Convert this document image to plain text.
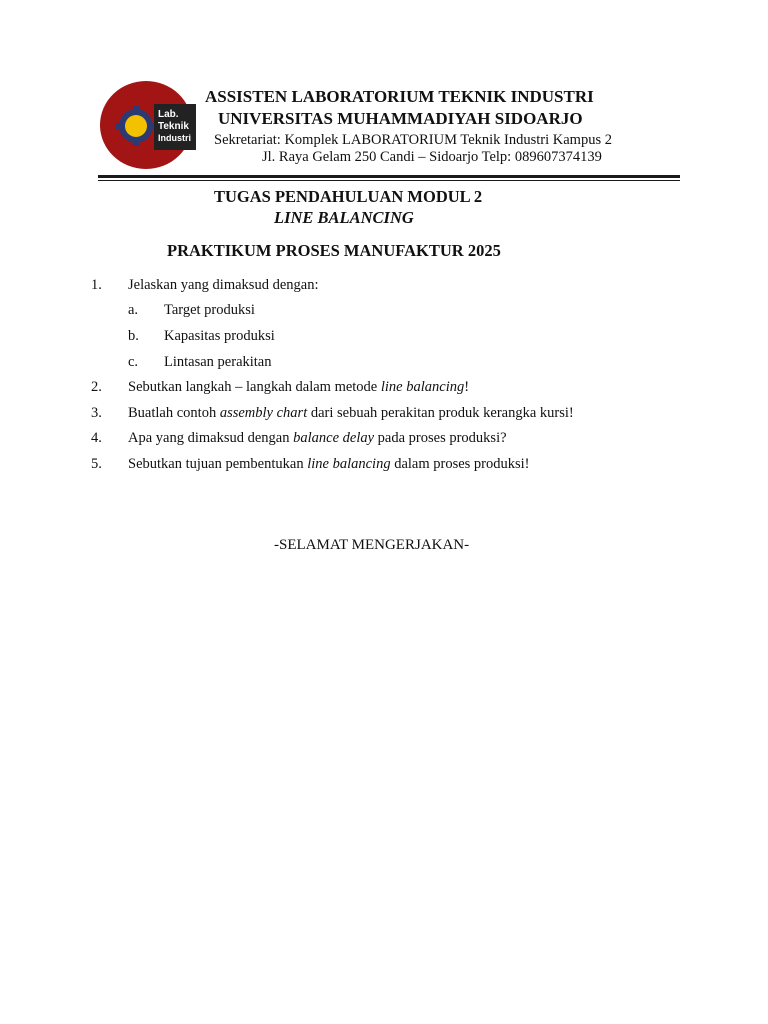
Lab.
Teknik
Industri
ASSISTEN LABORATORIUM TEKNIK INDUSTRI
UNIVERSITAS MUHAMMADIYAH SIDOARJO
Sekretariat: Komplek LABORATORIUM Teknik Industri Kampus 2
Jl. Raya Gelam 250 Candi – Sidoarjo Telp: 089607374139
TUGAS PENDAHULUAN MODUL 2
LINE BALANCING
PRAKTIKUM PROSES MANUFAKTUR 2025
1. Jelaskan yang dimaksud dengan:
a. Target produksi
b. Kapasitas produksi
c. Lintasan perakitan
2. Sebutkan langkah – langkah dalam metode line balancing!
3. Buatlah contoh assembly chart dari sebuah perakitan produk kerangka kursi!
4. Apa yang dimaksud dengan balance delay pada proses produksi?
5. Sebutkan tujuan pembentukan line balancing dalam proses produksi!
-SELAMAT MENGERJAKAN-
